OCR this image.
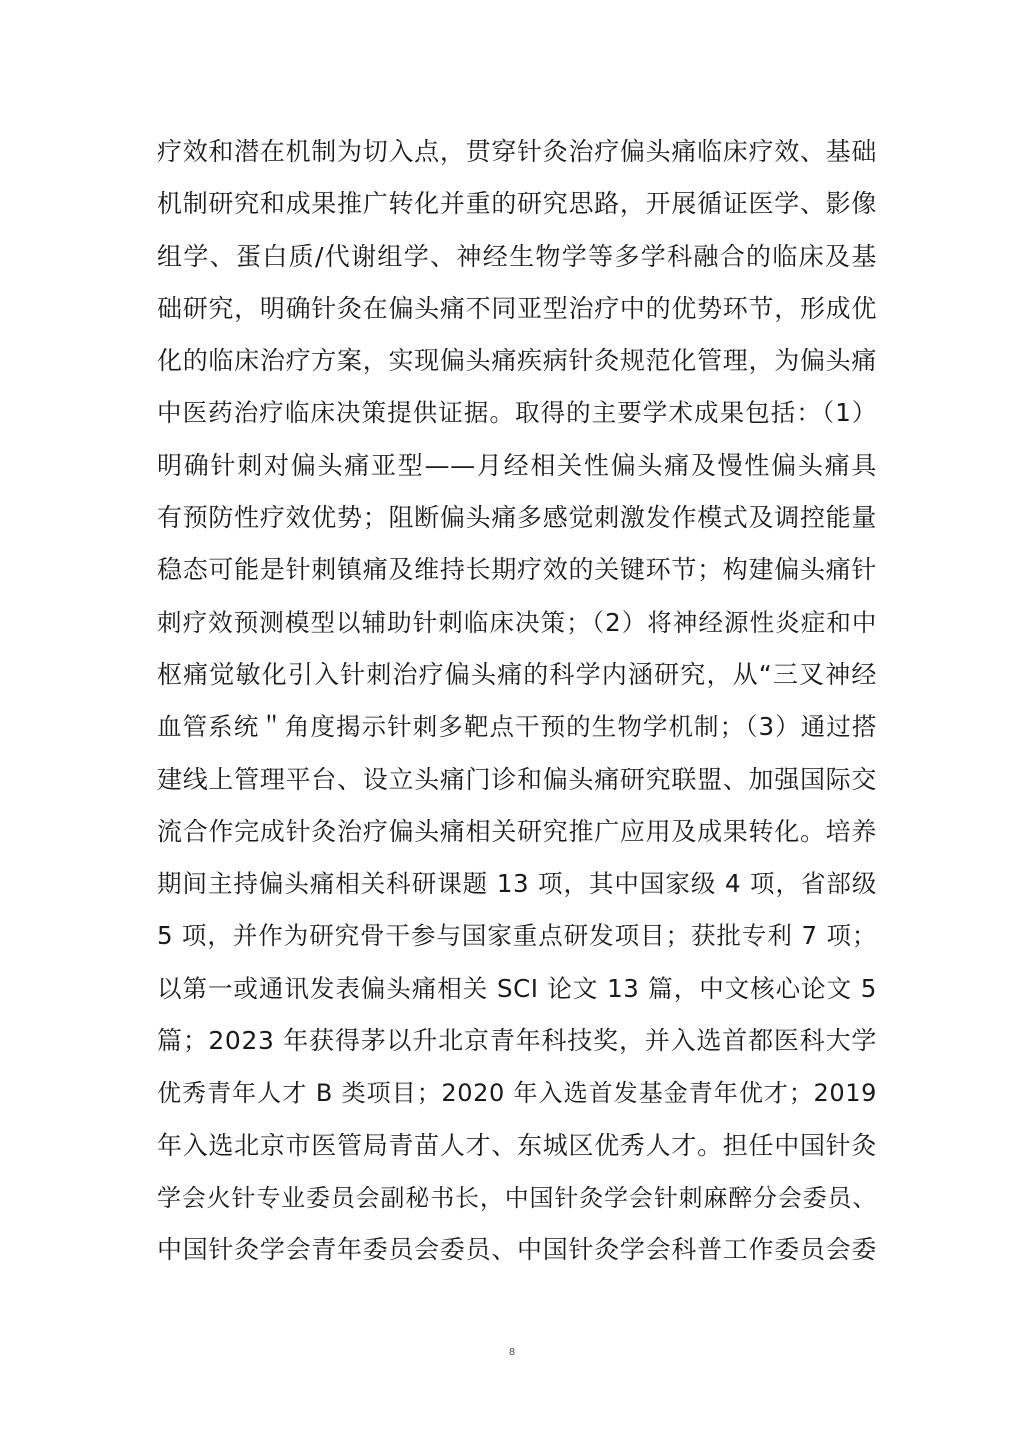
疗效和潜在机制为切入点，贯穿针灸治疗偏头痛临床疗效、基础
机制研究和成果推广转化并重的研究思路，开展循证医学、影像
组学、蛋白质/代谢组学、神经生物学等多学科融合的临床及基
础研究，明确针灸在偏头痛不同亚型治疗中的优势环节，形成优
化的临床治疗方案，实现偏头痛疾病针灸规范化管理，为偏头痛
中医药治疗临床决策提供证据。取得的主要学术成果包括：（1）
明确针刺对偏头痛亚型——月经相关性偏头痛及慢性偏头痛具
有预防性疗效优势；阻断偏头痛多感觉刺激发作模式及调控能量
稳态可能是针刺镇痛及维持长期疗效的关键环节；构建偏头痛针
刺疗效预测模型以辅助针刺临床决策；（2）将神经源性炎症和中
枢痛觉敏化引入针刺治疗偏头痛的科学内涵研究，从“三叉神经
血管系统＂角度揭示针刺多靶点干预的生物学机制；（3）通过搭
建线上管理平台、设立头痛门诊和偏头痛研究联盟、加强国际交
流合作完成针灸治疗偏头痛相关研究推广应用及成果转化。培养
期间主持偏头痛相关科研课题 13 项，其中国家级 4 项，省部级
5 项，并作为研究骨干参与国家重点研发项目；获批专利 7 项；
以第一或通讯发表偏头痛相关 SCI 论文 13 篇，中文核心论文 5
篇；2023 年获得茅以升北京青年科技奖，并入选首都医科大学
优秀青年人才 B 类项目；2020 年入选首发基金青年优才；2019
年入选北京市医管局青苗人才、东城区优秀人才。担任中国针灸
学会火针专业委员会副秘书长，中国针灸学会针刺麻醉分会委员、
中国针灸学会青年委员会委员、中国针灸学会科普工作委员会委
8
